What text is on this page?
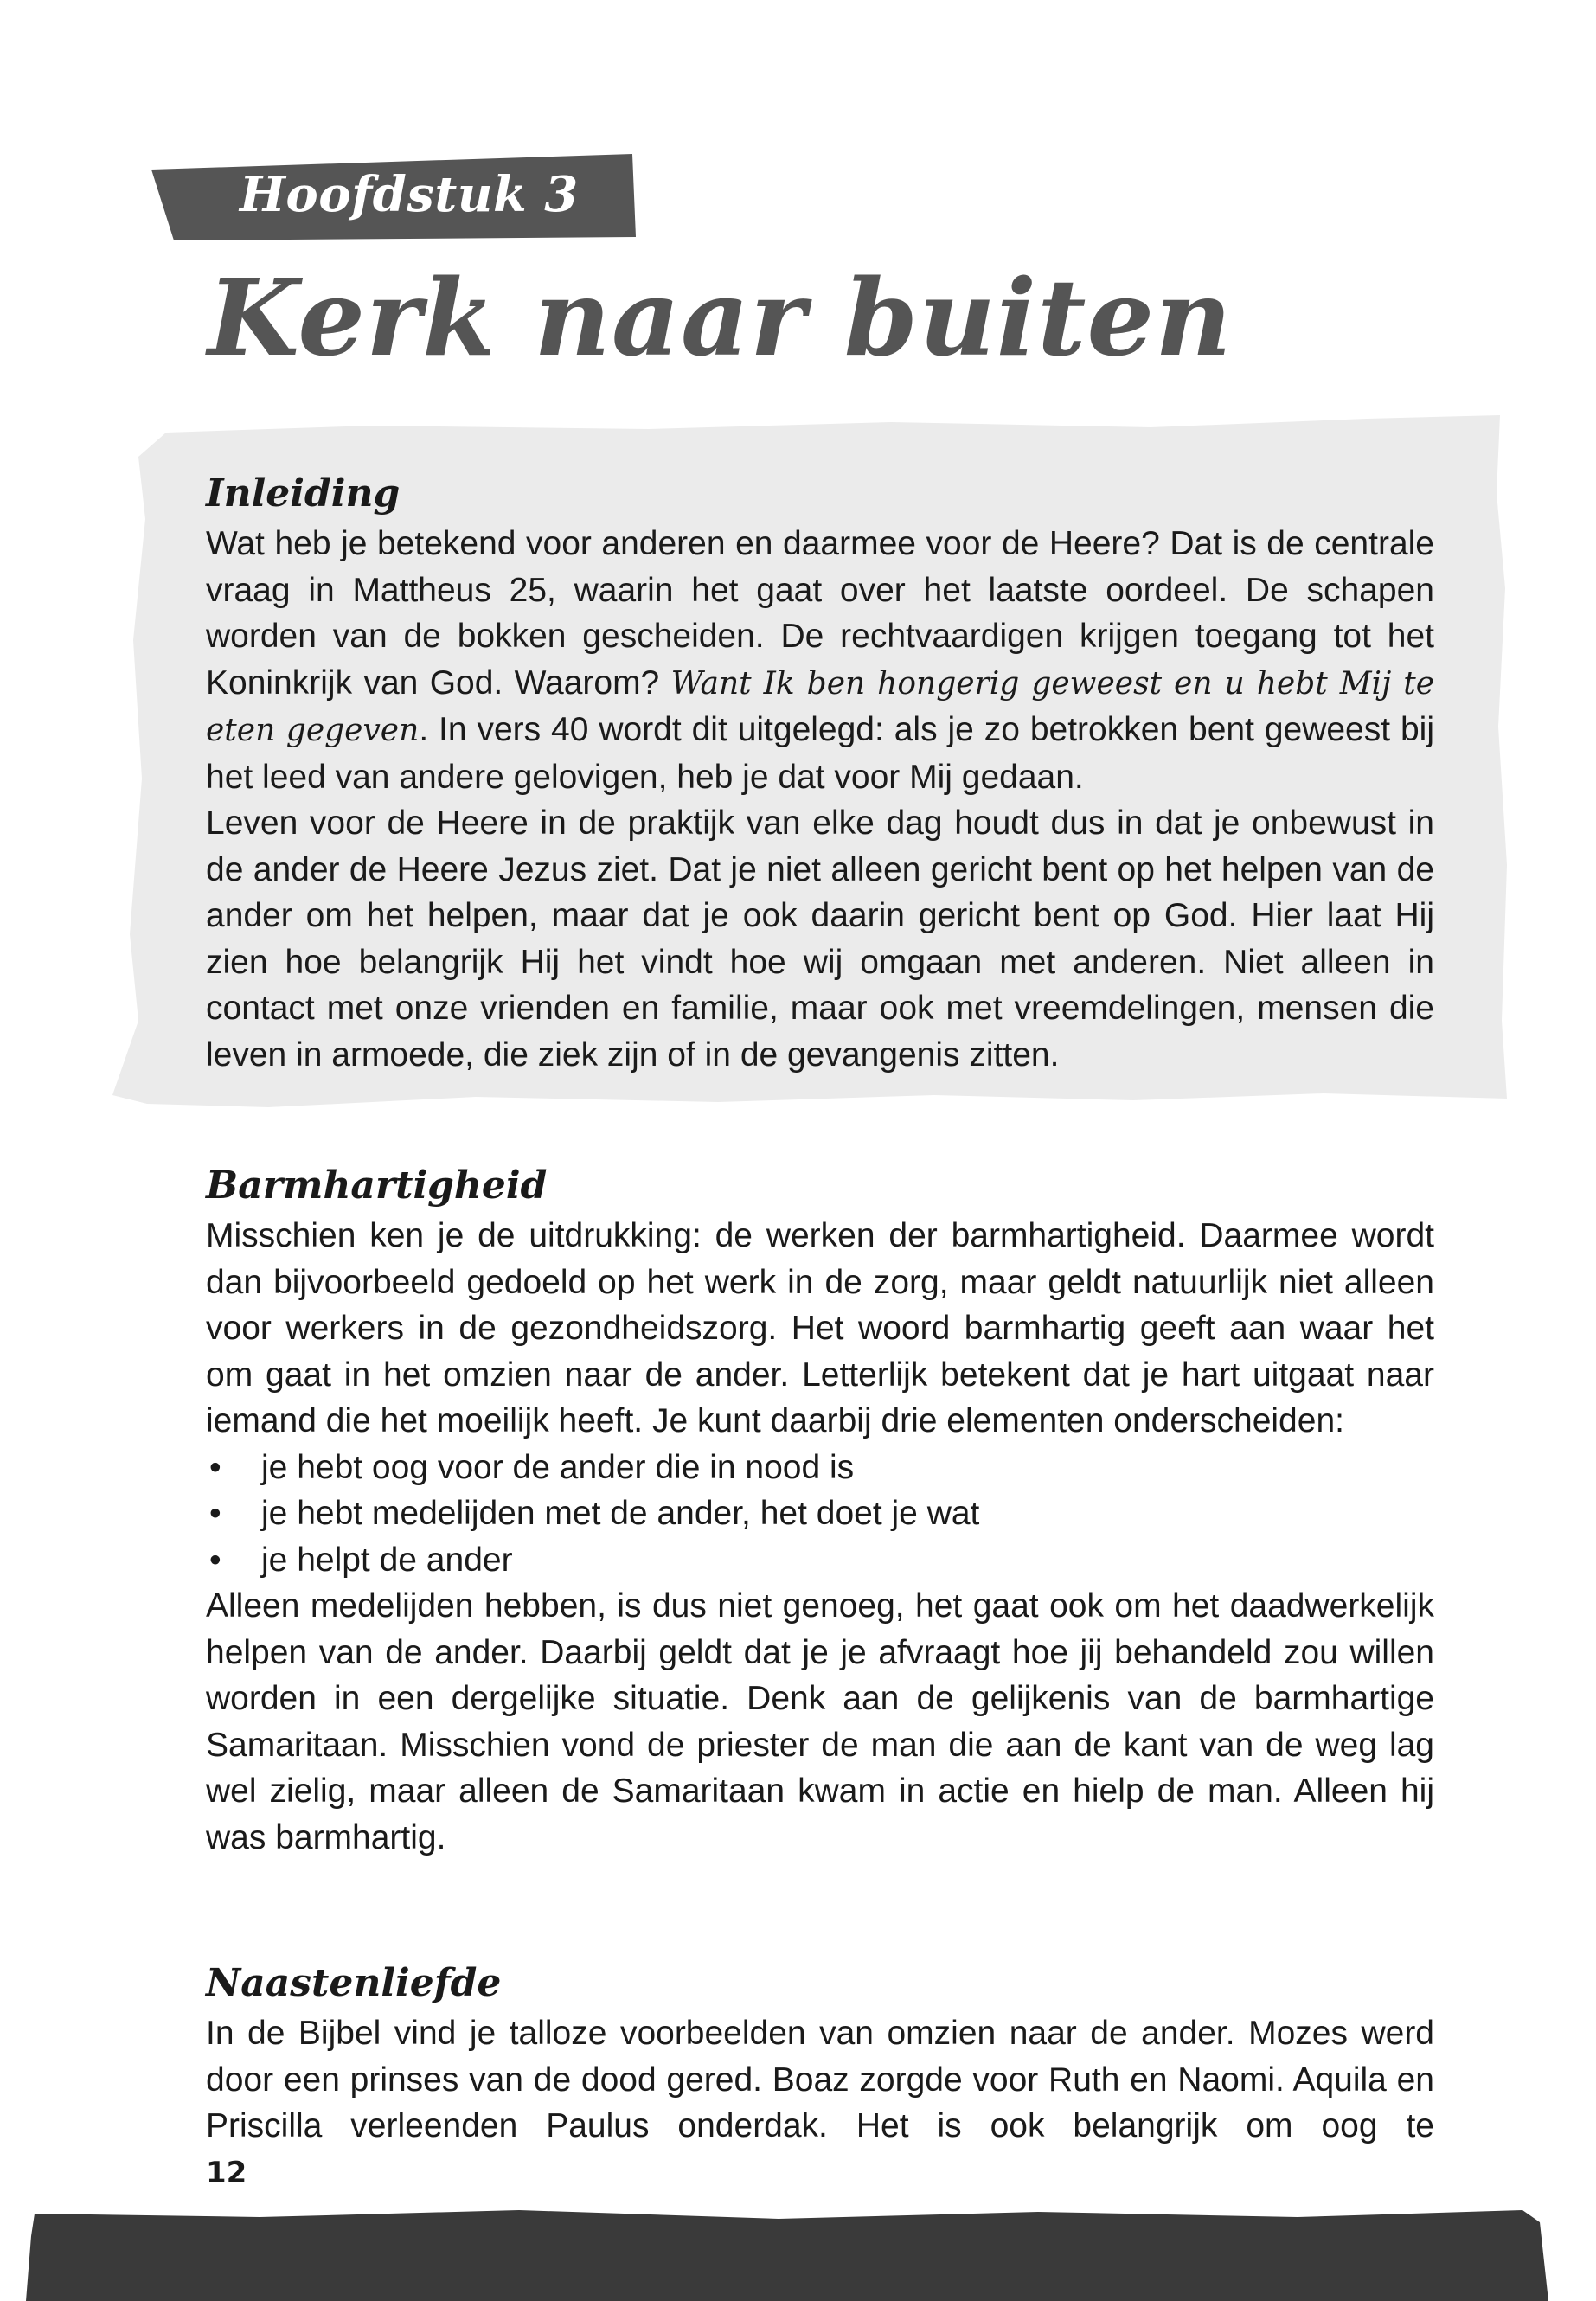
Hoofdstuk 3
Kerk naar buiten
Inleiding

Wat heb je betekend voor anderen en daarmee voor de Heere? Dat is de centrale vraag in Mattheus 25, waarin het gaat over het laatste oordeel. De schapen worden van de bokken gescheiden. De rechtvaardigen krijgen toegang tot het Koninkrijk van God. Waarom? Want Ik ben hongerig geweest en u hebt Mij te eten gegeven. In vers 40 wordt dit uitgelegd: als je zo betrokken bent geweest bij het leed van andere gelovigen, heb je dat voor Mij gedaan.

Leven voor de Heere in de praktijk van elke dag houdt dus in dat je onbewust in de ander de Heere Jezus ziet. Dat je niet alleen gericht bent op het helpen van de ander om het helpen, maar dat je ook daarin gericht bent op God. Hier laat Hij zien hoe belangrijk Hij het vindt hoe wij omgaan met anderen. Niet alleen in contact met onze vrienden en familie, maar ook met vreemdelingen, mensen die leven in armoede, die ziek zijn of in de gevangenis zitten.

Barmhartigheid

Misschien ken je de uitdrukking: de werken der barmhartigheid. Daarmee wordt dan bijvoorbeeld gedoeld op het werk in de zorg, maar geldt natuurlijk niet alleen voor werkers in de gezondheidszorg. Het woord barmhartig geeft aan waar het om gaat in het omzien naar de ander. Letterlijk betekent dat je hart uitgaat naar iemand die het moeilijk heeft. Je kunt daarbij drie elementen onderscheiden:

• je hebt oog voor de ander die in nood is
• je hebt medelijden met de ander, het doet je wat
• je helpt de ander

Alleen medelijden hebben, is dus niet genoeg, het gaat ook om het daadwerkelijk helpen van de ander. Daarbij geldt dat je je afvraagt hoe jij behandeld zou willen worden in een dergelijke situatie. Denk aan de gelijkenis van de barmhartige Samaritaan. Misschien vond de priester de man die aan de kant van de weg lag wel zielig, maar alleen de Samaritaan kwam in actie en hielp de man. Alleen hij was barmhartig.

Naastenliefde

In de Bijbel vind je talloze voorbeelden van omzien naar de ander. Mozes werd door een prinses van de dood gered. Boaz zorgde voor Ruth en Naomi. Aquila en Priscilla verleenden Paulus onderdak. Het is ook belangrijk om oog te

12
